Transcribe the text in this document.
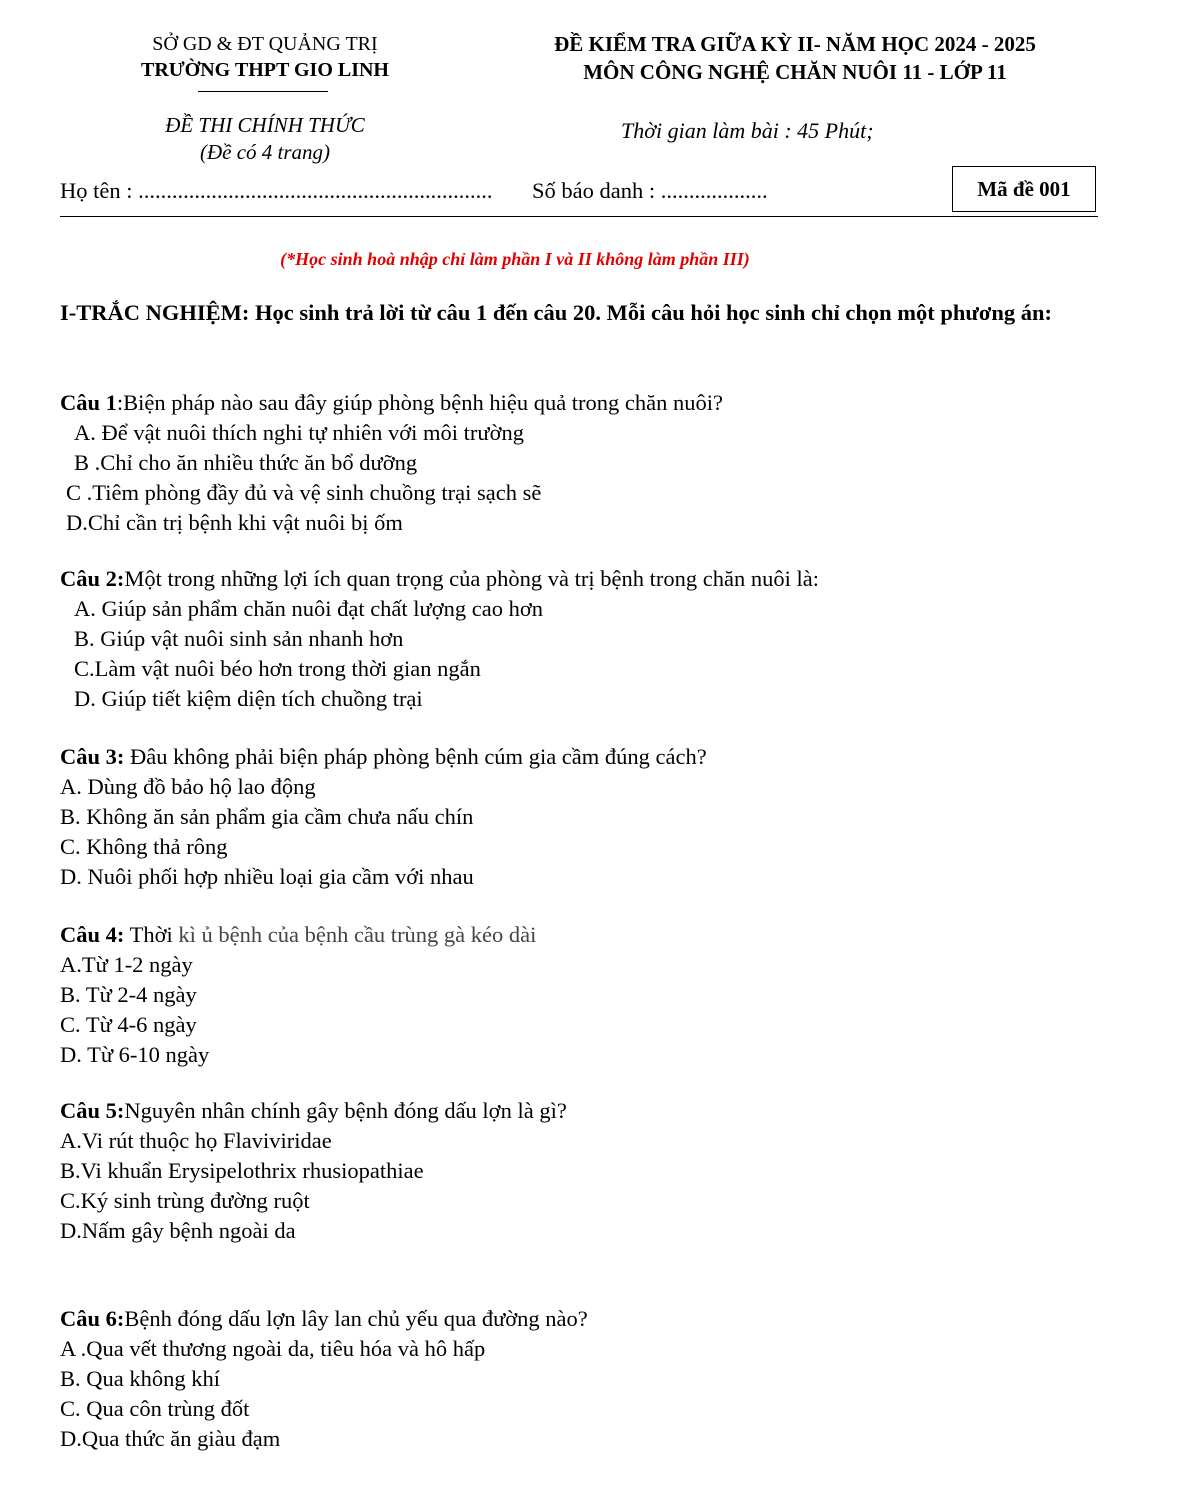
SỞ GD & ĐT QUẢNG TRỊ
TRƯỜNG THPT GIO LINH
ĐỀ KIỂM TRA GIỮA KỲ II- NĂM HỌC 2024 - 2025
MÔN CÔNG NGHỆ CHĂN NUÔI 11 - LỚP 11
ĐỀ THI CHÍNH THỨC
(Đề có 4 trang)
Thời gian làm bài : 45 Phút;
Họ tên : ............................................................... Số báo danh : ...................	Mã đề 001
(*Học sinh hoà nhập chỉ làm phần I và II không làm phần III)
I-TRẮC NGHIỆM: Học sinh trả lời từ câu 1 đến câu 20. Mỗi câu hỏi học sinh chỉ chọn một phương án:
Câu 1:Biện pháp nào sau đây giúp phòng bệnh hiệu quả trong chăn nuôi?
A. Để vật nuôi thích nghi tự nhiên với môi trường
B .Chỉ cho ăn nhiều thức ăn bổ dưỡng
C .Tiêm phòng đầy đủ và vệ sinh chuồng trại sạch sẽ
D.Chỉ cần trị bệnh khi vật nuôi bị ốm
Câu 2:Một trong những lợi ích quan trọng của phòng và trị bệnh trong chăn nuôi là:
A. Giúp sản phẩm chăn nuôi đạt chất lượng cao hơn
B. Giúp vật nuôi sinh sản nhanh hơn
C.Làm vật nuôi béo hơn trong thời gian ngắn
D. Giúp tiết kiệm diện tích chuồng trại
Câu 3: Đâu không phải biện pháp phòng bệnh cúm gia cầm đúng cách?
A. Dùng đồ bảo hộ lao động
B. Không ăn sản phẩm gia cầm chưa nấu chín
C. Không thả rông
D. Nuôi phối hợp nhiều loại gia cầm với nhau
Câu 4: Thời kì ủ bệnh của bệnh cầu trùng gà kéo dài
A.Từ 1-2 ngày
B. Từ 2-4 ngày
C. Từ 4-6 ngày
D. Từ 6-10 ngày
Câu 5:Nguyên nhân chính gây bệnh đóng dấu lợn là gì?
A.Vi rút thuộc họ Flaviviridae
B.Vi khuẩn Erysipelothrix rhusiopathiae
C.Ký sinh trùng đường ruột
D.Nấm gây bệnh ngoài da
Câu 6:Bệnh đóng dấu lợn lây lan chủ yếu qua đường nào?
A .Qua vết thương ngoài da, tiêu hóa và hô hấp
B. Qua không khí
C. Qua côn trùng đốt
D.Qua thức ăn giàu đạm
